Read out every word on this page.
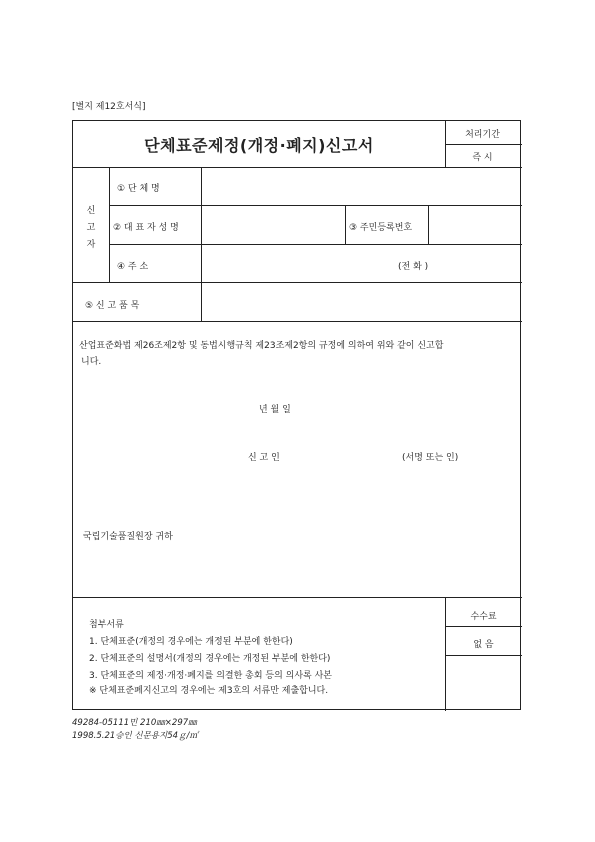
[별지 제12호서식]
단체표준제정(개정·폐지)신고서
처리기간
즉 시
신
고
자
① 단 체 명
② 대 표 자 성 명	③ 주민등록번호
④ 주 소	(전 화 )
⑤ 신 고 품 목
산업표준화법 제26조제2항 및 동법시행규칙 제23조제2항의 규정에 의하여 위와 같이 신고합
니다.
년 월 일
신 고 인	(서명 또는 인)
국립기술품질원장 귀하
첨부서류
1. 단체표준(개정의 경우에는 개정된 부분에 한한다)
2. 단체표준의 설명서(개정의 경우에는 개정된 부분에 한한다)
3. 단체표준의 제정·개정·폐지를 의결한 총회 등의 의사록 사본
※ 단체표준폐지신고의 경우에는 제3호의 서류만 제출합니다.
수수료
없 음
49284-05111민 210㎜×297㎜
1998.5.21승인 신문용지54ｇ/㎡
